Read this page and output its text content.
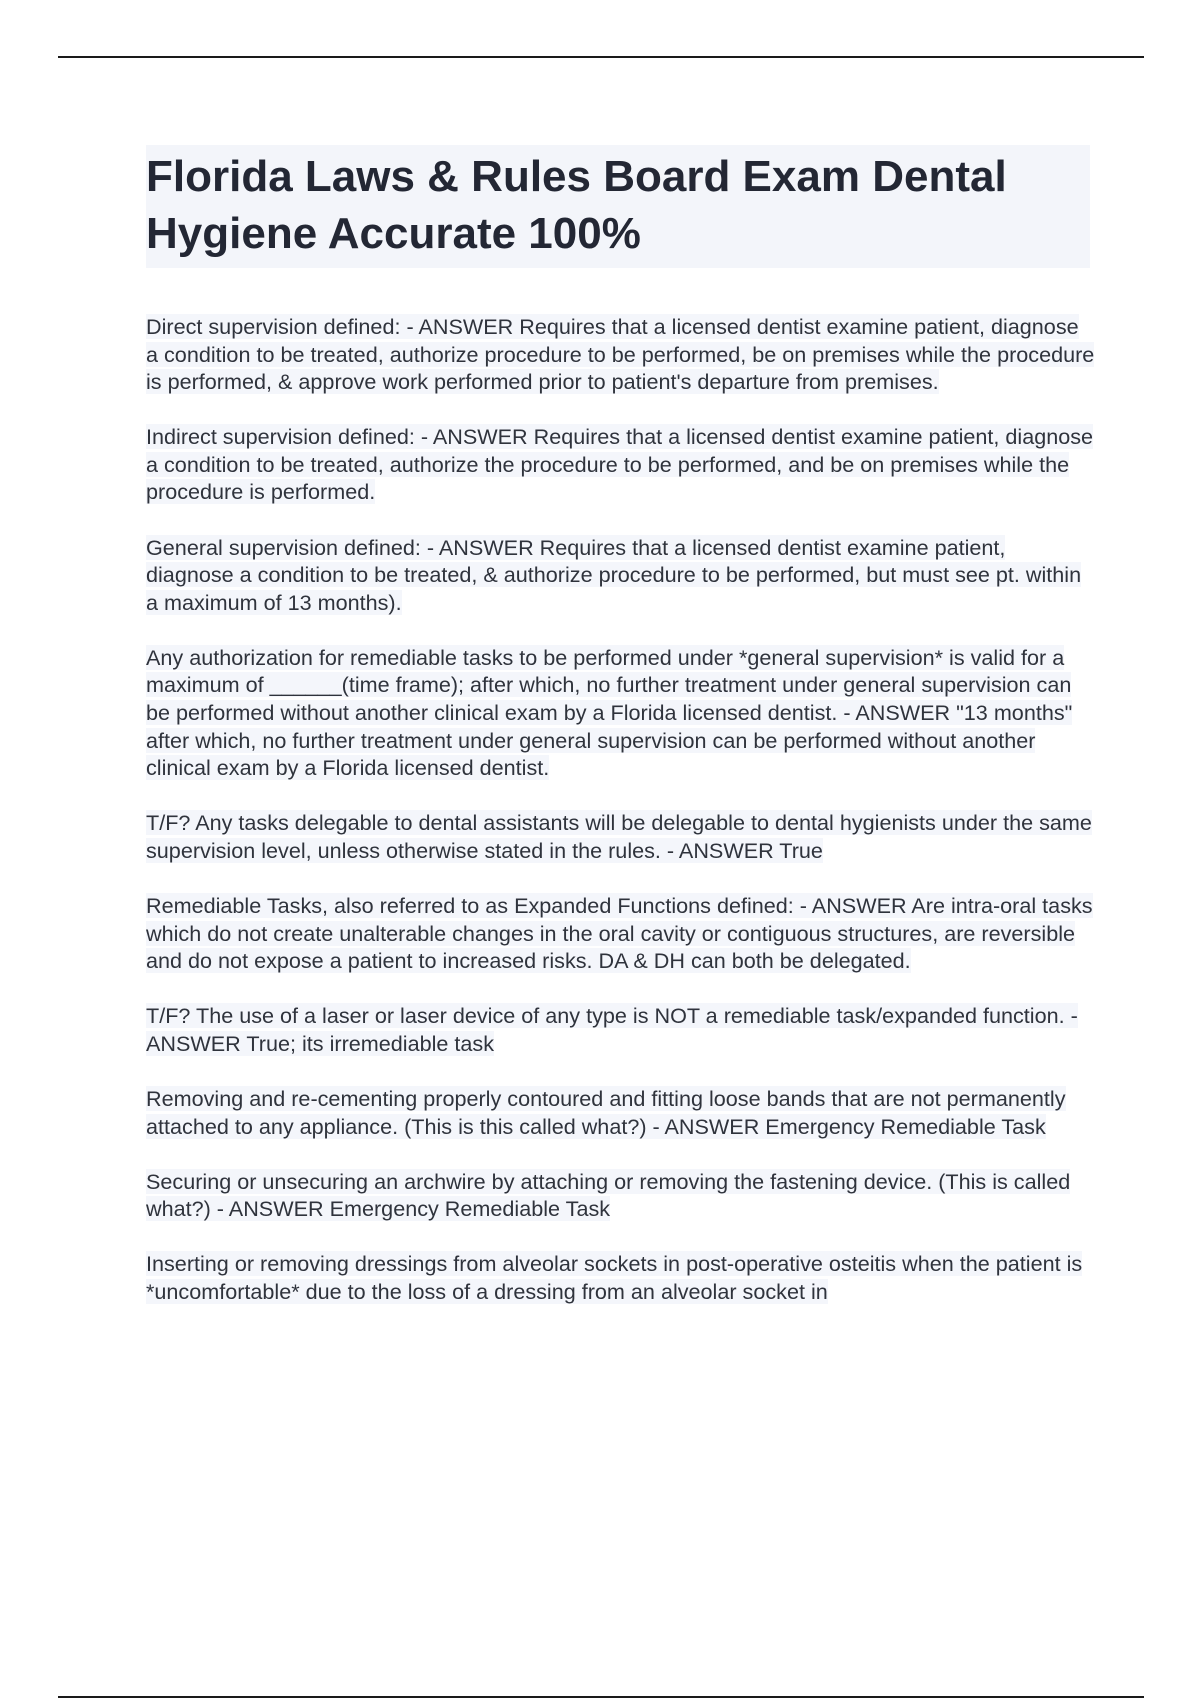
Florida Laws & Rules Board Exam Dental Hygiene Accurate 100%

Direct supervision defined: - ANSWER Requires that a licensed dentist examine patient, diagnose a condition to be treated, authorize procedure to be performed, be on premises while the procedure is performed, & approve work performed prior to patient's departure from premises.

Indirect supervision defined: - ANSWER Requires that a licensed dentist examine patient, diagnose a condition to be treated, authorize the procedure to be performed, and be on premises while the procedure is performed.

General supervision defined: - ANSWER Requires that a licensed dentist examine patient, diagnose a condition to be treated, & authorize procedure to be performed, but must see pt. within a maximum of 13 months).

Any authorization for remediable tasks to be performed under *general supervision* is valid for a maximum of ______(time frame); after which, no further treatment under general supervision can be performed without another clinical exam by a Florida licensed dentist. - ANSWER "13 months" after which, no further treatment under general supervision can be performed without another clinical exam by a Florida licensed dentist.

T/F? Any tasks delegable to dental assistants will be delegable to dental hygienists under the same supervision level, unless otherwise stated in the rules. - ANSWER True

Remediable Tasks, also referred to as Expanded Functions defined: - ANSWER Are intra-oral tasks which do not create unalterable changes in the oral cavity or contiguous structures, are reversible and do not expose a patient to increased risks. DA & DH can both be delegated.

T/F? The use of a laser or laser device of any type is NOT a remediable task/expanded function. - ANSWER True; its irremediable task

Removing and re-cementing properly contoured and fitting loose bands that are not permanently attached to any appliance. (This is this called what?) - ANSWER Emergency Remediable Task

Securing or unsecuring an archwire by attaching or removing the fastening device. (This is called what?) - ANSWER Emergency Remediable Task

Inserting or removing dressings from alveolar sockets in post-operative osteitis when the patient is *uncomfortable* due to the loss of a dressing from an alveolar socket in
